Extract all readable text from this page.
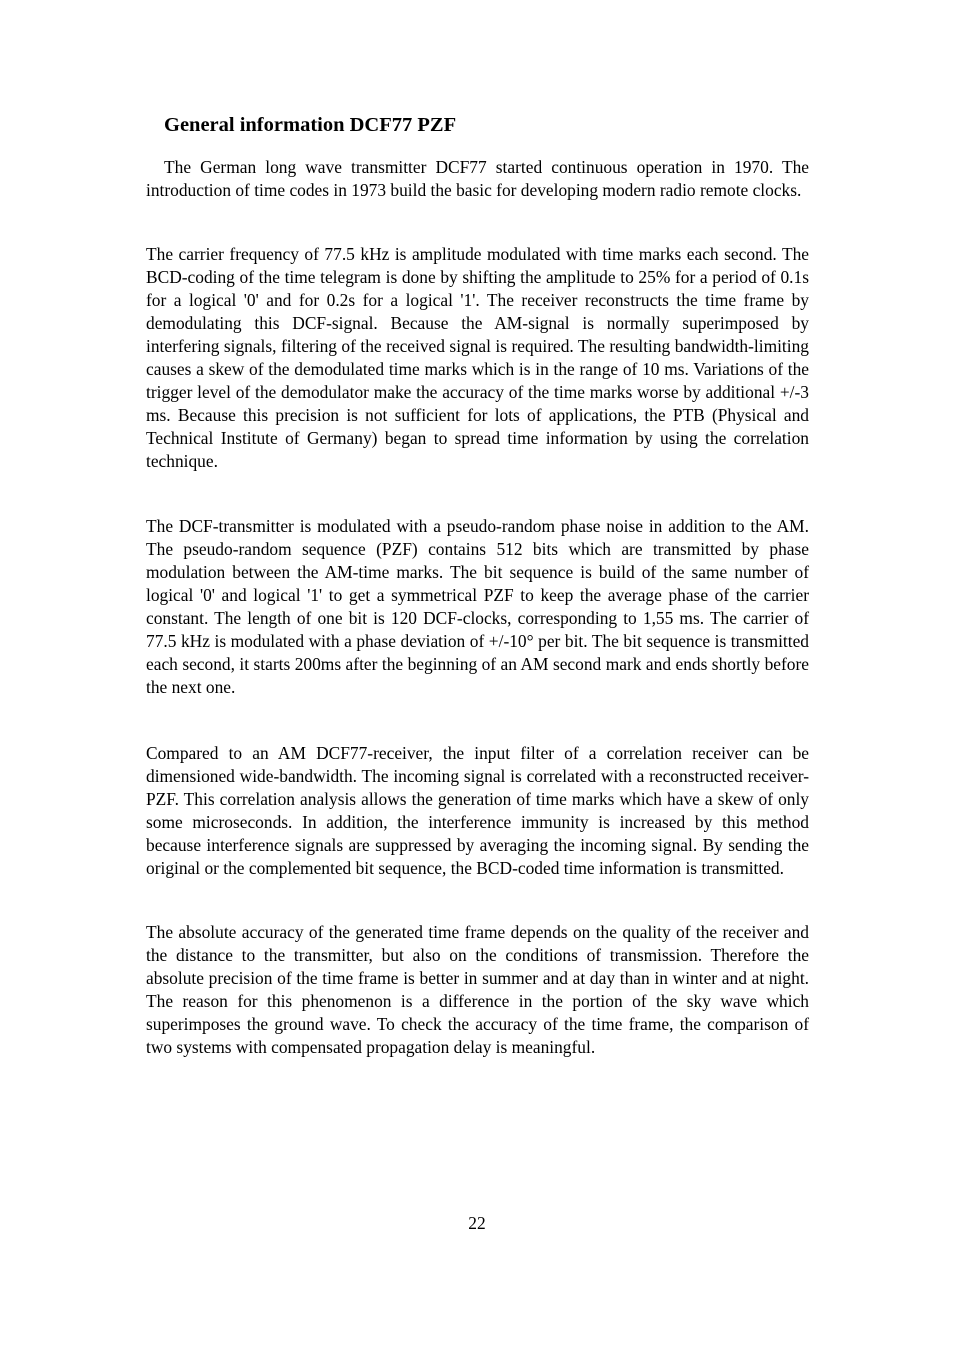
General information DCF77 PZF

The German long wave transmitter DCF77 started continuous operation in 1970. The introduction of time codes in 1973 build the basic for developing modern radio remote clocks.

The carrier frequency of 77.5 kHz is amplitude modulated with time marks each second. The BCD-coding of the time telegram is done by shifting the amplitude to 25% for a period of 0.1s for a logical '0' and for 0.2s for a logical '1'. The receiver reconstructs the time frame by demodulating this DCF-signal. Because the AM-signal is normally superimposed by interfering signals, filtering of the received signal is required. The resulting bandwidth-limiting causes a skew of the demodulated time marks which is in the range of 10 ms. Variations of the trigger level of the demodulator make the accuracy of the time marks worse by additional +/-3 ms. Because this precision is not sufficient for lots of applications, the PTB (Physical and Technical Institute of Germany) began to spread time information by using the correlation technique.

The DCF-transmitter is modulated with a pseudo-random phase noise in addition to the AM. The pseudo-random sequence (PZF) contains 512 bits which are transmitted by phase modulation between the AM-time marks. The bit sequence is build of the same number of logical '0' and logical '1' to get a symmetrical PZF to keep the average phase of the carrier constant. The length of one bit is 120 DCF-clocks, corresponding to 1,55 ms. The carrier of 77.5 kHz is modulated with a phase deviation of +/-10° per bit. The bit sequence is transmitted each second, it starts 200ms after the beginning of an AM second mark and ends shortly before the next one.

Compared to an AM DCF77-receiver, the input filter of a correlation receiver can be dimensioned wide-bandwidth. The incoming signal is correlated with a reconstructed receiver-PZF. This correlation analysis allows the generation of time marks which have a skew of only some microseconds. In addition, the interference immunity is increased by this method because interference signals are suppressed by averaging the incoming signal. By sending the original or the complemented bit sequence, the BCD-coded time information is transmitted.

The absolute accuracy of the generated time frame depends on the quality of the receiver and the distance to the transmitter, but also on the conditions of transmission. Therefore the absolute precision of the time frame is better in summer and at day than in winter and at night. The reason for this phenomenon is a difference in the portion of the sky wave which superimposes the ground wave. To check the accuracy of the time frame, the comparison of two systems with compensated propagation delay is meaningful.

22
